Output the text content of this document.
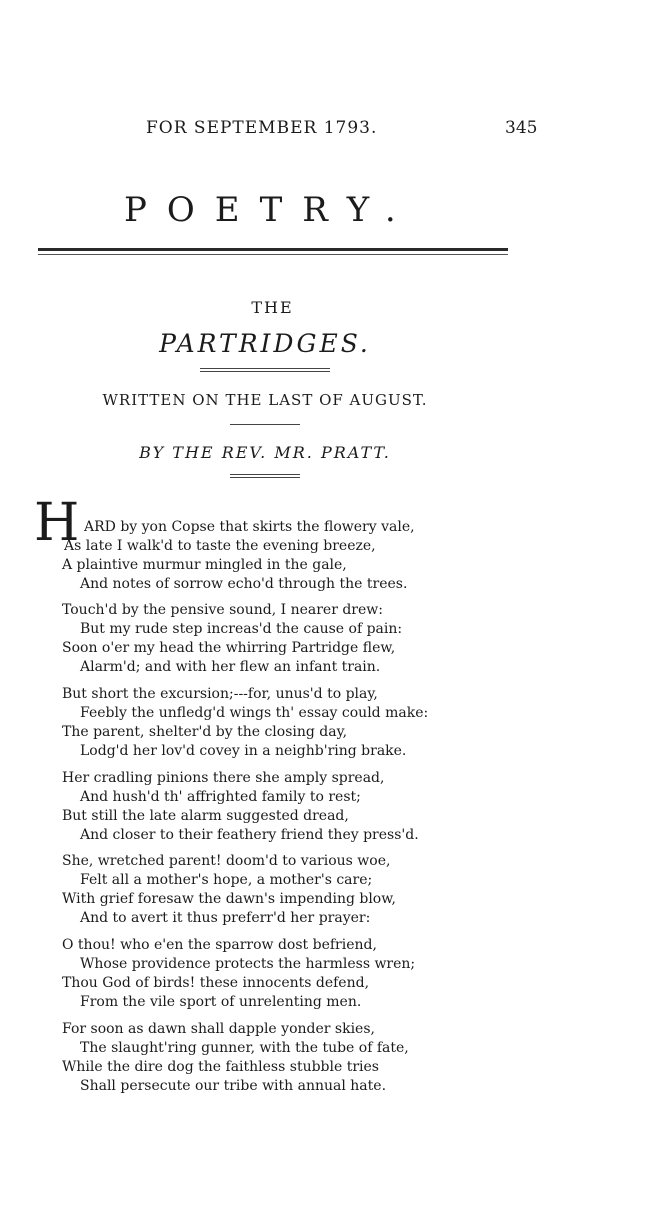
FOR SEPTEMBER 1793.	345
POETRY.
THE
PARTRIDGES.
WRITTEN ON THE LAST OF AUGUST.
BY THE REV. MR. PRATT.
H ARD by yon Copse that skirts the flowery vale,
As late I walk'd to taste the evening breeze,
A plaintive murmur mingled in the gale,
And notes of sorrow echo'd through the trees.
Touch'd by the pensive sound, I nearer drew:
But my rude step increas'd the cause of pain:
Soon o'er my head the whirring Partridge flew,
Alarm'd; and with her flew an infant train.
But short the excursion;---for, unus'd to play,
Feebly the unfledg'd wings th' essay could make:
The parent, shelter'd by the closing day,
Lodg'd her lov'd covey in a neighb'ring brake.
Her cradling pinions there she amply spread,
And hush'd th' affrighted family to rest;
But still the late alarm suggested dread,
And closer to their feathery friend they press'd.
She, wretched parent! doom'd to various woe,
Felt all a mother's hope, a mother's care;
With grief foresaw the dawn's impending blow,
And to avert it thus preferr'd her prayer:
O thou! who e'en the sparrow dost befriend,
Whose providence protects the harmless wren;
Thou God of birds! these innocents defend,
From the vile sport of unrelenting men.
For soon as dawn shall dapple yonder skies,
The slaught'ring gunner, with the tube of fate,
While the dire dog the faithless stubble tries
Shall persecute our tribe with annual hate.
